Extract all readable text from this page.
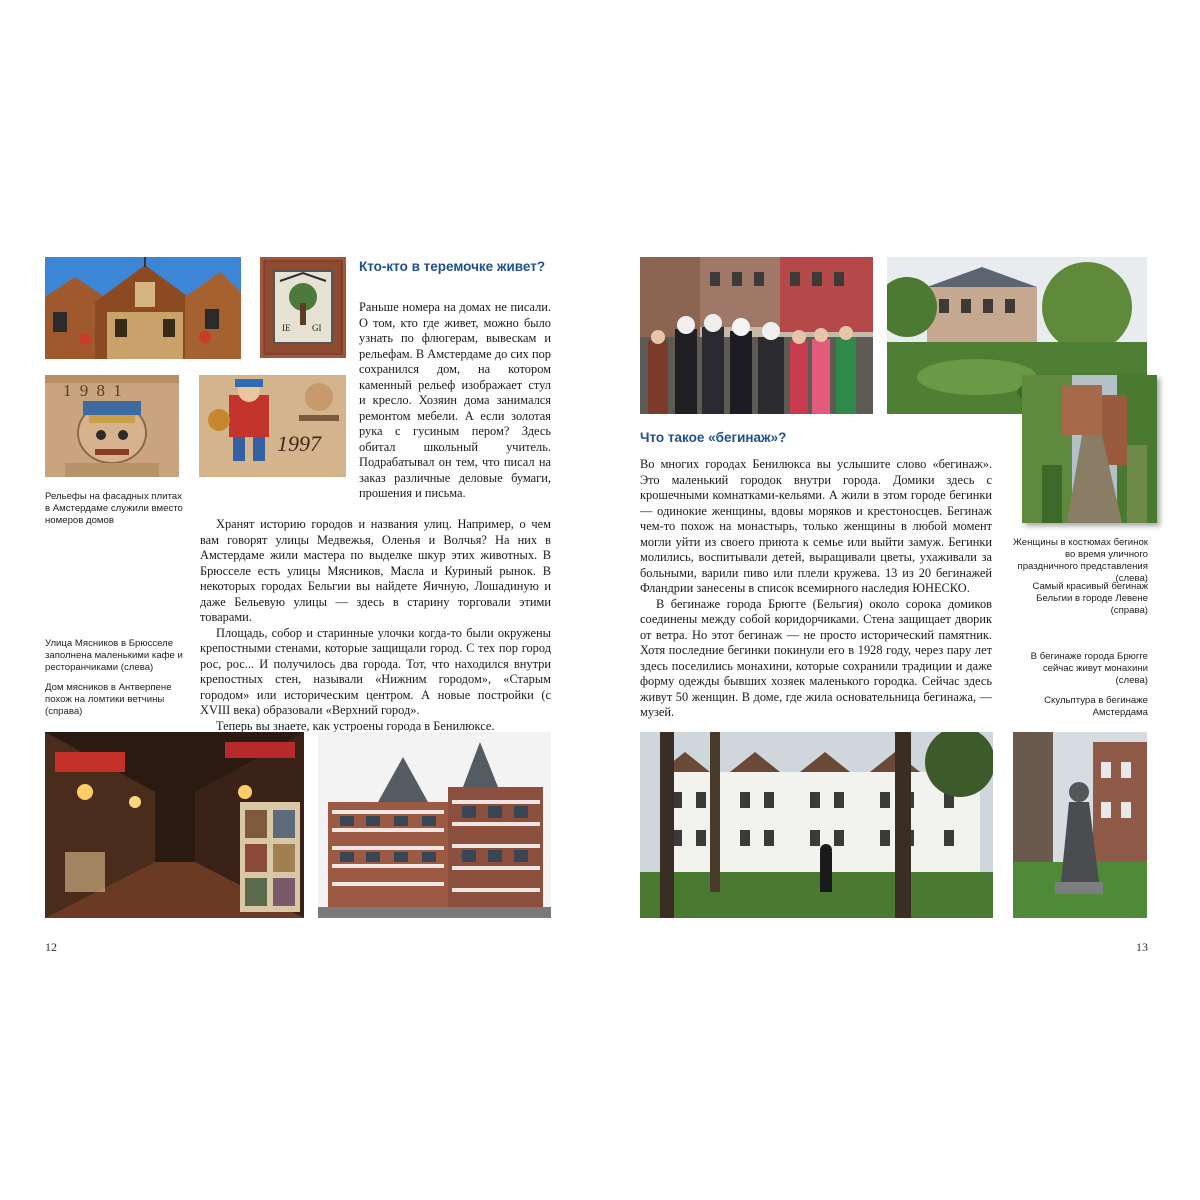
IE GI
1 9 8 1
1997
Кто-кто в теремочке живет?

Раньше номера на домах не писали. О том, кто где живет, можно было узнать по флюгерам, вывескам и рельефам. В Амстердаме до сих пор сохранился дом, на котором каменный рельеф изображает стул и кресло. Хозяин дома занимался ремонтом мебели. А если золотая рука с гусиным пером? Здесь обитал школьный учитель. Подрабатывал он тем, что писал на заказ различные деловые бумаги, прошения и письма.

Хранят историю городов и названия улиц. Например, о чем вам говорят улицы Медвежья, Оленья и Волчья? На них в Амстердаме жили мастера по выделке шкур этих животных. В Брюсселе есть улицы Мясников, Масла и Куриный рынок. В некоторых городах Бельгии вы найдете Яичную, Лошадиную и даже Бельевую улицы — здесь в старину торговали этими товарами.

Площадь, собор и старинные улочки когда-то были окружены крепостными стенами, которые защищали город. С тех пор город рос, рос... И получилось два города. Тот, что находился внутри крепостных стен, называли «Нижним городом», «Старым городом» или историческим центром. А новые постройки (с XVIII века) образовали «Верхний город».

Теперь вы знаете, как устроены города в Бенилюксе.

Рельефы на фасадных плитах в Амстердаме служили вместо номеров домов
Улица Мясников в Брюсселе заполнена маленькими кафе и ресторанчиками (слева)
Дом мясников в Антверпене похож на ломтики ветчины (справа)
12
Что такое «бегинаж»?

Во многих городах Бенилюкса вы услышите слово «бегинаж». Это маленький городок внутри города. Домики здесь с крошечными комнатками-кельями. А жили в этом городе бегинки — одинокие женщины, вдовы моряков и крестоносцев. Бегинаж чем-то похож на монастырь, только женщины в любой момент могли уйти из своего приюта к семье или выйти замуж. Бегинки молились, воспитывали детей, выращивали цветы, ухаживали за больными, варили пиво или плели кружева. 13 из 20 бегинажей Фландрии занесены в список всемирного наследия ЮНЕСКО.

В бегинаже города Брюгге (Бельгия) около сорока домиков соединены между собой коридорчиками. Стена защищает дворик от ветра. Но этот бегинаж — не просто исторический памятник. Хотя последние бегинки покинули его в 1928 году, через пару лет здесь поселились монахини, которые сохранили традиции и даже форму одежды бывших хозяек маленького городка. Сейчас здесь живут 50 женщин. В доме, где жила основательница бегинажа, — музей.

Женщины в костюмах бегинок во время уличного праздничного представления (слева)
Самый красивый бегинаж Бельгии в городе Левене (справа)
В бегинаже города Брюгге сейчас живут монахини (слева)
Скульптура в бегинаже Амстердама
13
